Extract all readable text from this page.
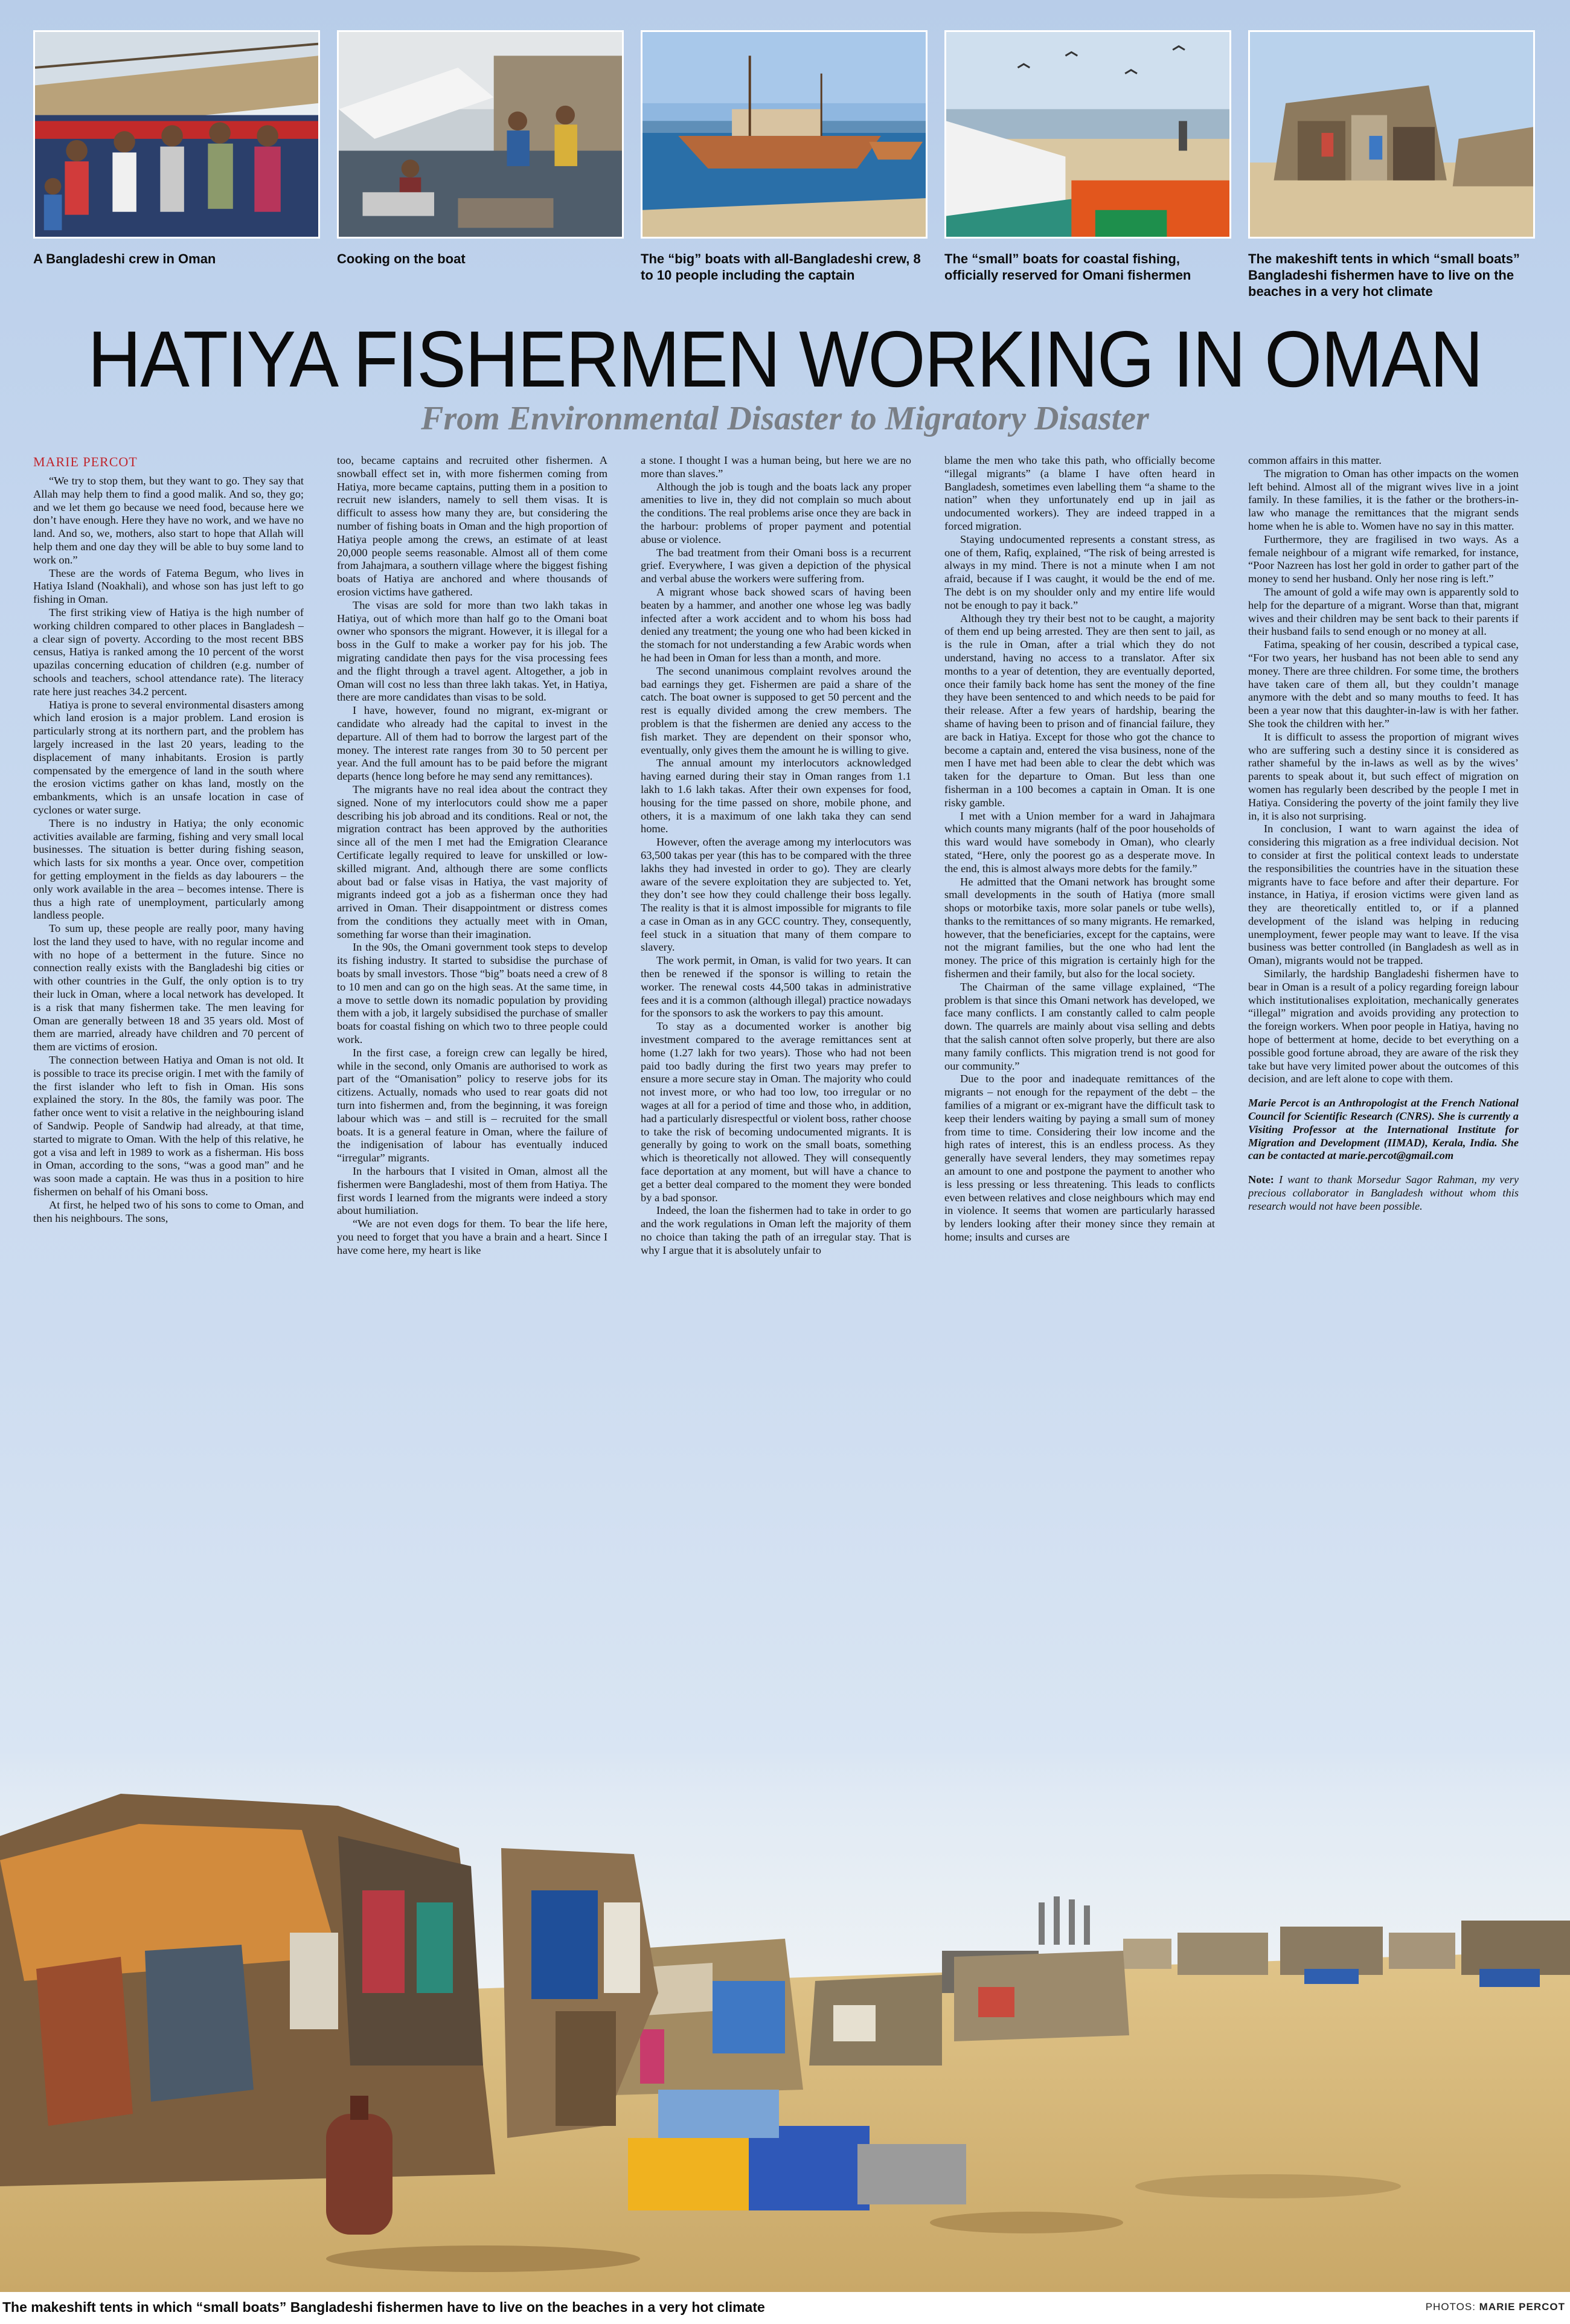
A Bangladeshi crew in Oman	Cooking on the boat	The “big” boats with all-Bangladeshi crew, 8 to 10 people including the captain
The “small” boats for coastal fishing, officially reserved for Omani fishermen
The makeshift tents in which “small boats” Bangladeshi fishermen have to live on the beaches in a very hot climate
HATIYA FISHERMEN WORKING IN OMAN
From Environmental Disaster to Migratory Disaster

MARIE PERCOT

“We try to stop them, but they want to go. They say that Allah may help them to find a good malik. And so, they go; and we let them go because we need food, because here we don’t have enough. Here they have no work, and we have no land. And so, we, mothers, also start to hope that Allah will help them and one day they will be able to buy some land to work on.”

These are the words of Fatema Begum, who lives in Hatiya Island (Noakhali), and whose son has just left to go fishing in Oman.

The first striking view of Hatiya is the high number of working children compared to other places in Bangladesh – a clear sign of poverty. According to the most recent BBS census, Hatiya is ranked among the 10 percent of the worst upazilas concerning education of children (e.g. number of schools and teachers, school attendance rate). The literacy rate here just reaches 34.2 percent.

Hatiya is prone to several environmental disasters among which land erosion is a major problem. Land erosion is particularly strong at its northern part, and the problem has largely increased in the last 20 years, leading to the displacement of many inhabitants. Erosion is partly compensated by the emergence of land in the south where the erosion victims gather on khas land, mostly on the embankments, which is an unsafe location in case of cyclones or water surge.

There is no industry in Hatiya; the only economic activities available are farming, fishing and very small local businesses. The situation is better during fishing season, which lasts for six months a year. Once over, competition for getting employment in the fields as day labourers – the only work available in the area – becomes intense. There is thus a high rate of unemployment, particularly among landless people.

To sum up, these people are really poor, many having lost the land they used to have, with no regular income and with no hope of a betterment in the future. Since no connection really exists with the Bangladeshi big cities or with other countries in the Gulf, the only option is to try their luck in Oman, where a local network has developed. It is a risk that many fishermen take. The men leaving for Oman are generally between 18 and 35 years old. Most of them are married, already have children and 70 percent of them are victims of erosion.

The connection between Hatiya and Oman is not old. It is possible to trace its precise origin. I met with the family of the first islander who left to fish in Oman. His sons explained the story. In the 80s, the family was poor. The father once went to visit a relative in the neighbouring island of Sandwip. People of Sandwip had already, at that time, started to migrate to Oman. With the help of this relative, he got a visa and left in 1989 to work as a fisherman. His boss in Oman, according to the sons, “was a good man” and he was soon made a captain. He was thus in a position to hire fishermen on behalf of his Omani boss.

At first, he helped two of his sons to come to Oman, and then his neighbours. The sons,

too, became captains and recruited other fishermen. A snowball effect set in, with more fishermen coming from Hatiya, more became captains, putting them in a position to recruit new islanders, namely to sell them visas. It is difficult to assess how many they are, but considering the number of fishing boats in Oman and the high proportion of Hatiya people among the crews, an estimate of at least 20,000 people seems reasonable. Almost all of them come from Jahajmara, a southern village where the biggest fishing boats of Hatiya are anchored and where thousands of erosion victims have gathered.

The visas are sold for more than two lakh takas in Hatiya, out of which more than half go to the Omani boat owner who sponsors the migrant. However, it is illegal for a boss in the Gulf to make a worker pay for his job. The migrating candidate then pays for the visa processing fees and the flight through a travel agent. Altogether, a job in Oman will cost no less than three lakh takas. Yet, in Hatiya, there are more candidates than visas to be sold.

I have, however, found no migrant, ex-migrant or candidate who already had the capital to invest in the departure. All of them had to borrow the largest part of the money. The interest rate ranges from 30 to 50 percent per year. And the full amount has to be paid before the migrant departs (hence long before he may send any remittances).

The migrants have no real idea about the contract they signed. None of my interlocutors could show me a paper describing his job abroad and its conditions. Real or not, the migration contract has been approved by the authorities since all of the men I met had the Emigration Clearance Certificate legally required to leave for unskilled or low-skilled migrant. And, although there are some conflicts about bad or false visas in Hatiya, the vast majority of migrants indeed got a job as a fisherman once they had arrived in Oman. Their disappointment or distress comes from the conditions they actually meet with in Oman, something far worse than their imagination.

In the 90s, the Omani government took steps to develop its fishing industry. It started to subsidise the purchase of boats by small investors. Those “big” boats need a crew of 8 to 10 men and can go on the high seas. At the same time, in a move to settle down its nomadic population by providing them with a job, it largely subsidised the purchase of smaller boats for coastal fishing on which two to three people could work.

In the first case, a foreign crew can legally be hired, while in the second, only Omanis are authorised to work as part of the “Omanisation” policy to reserve jobs for its citizens. Actually, nomads who used to rear goats did not turn into fishermen and, from the beginning, it was foreign labour which was – and still is – recruited for the small boats. It is a general feature in Oman, where the failure of the indigenisation of labour has eventually induced “irregular” migrants.

In the harbours that I visited in Oman, almost all the fishermen were Bangladeshi, most of them from Hatiya. The first words I learned from the migrants were indeed a story about humiliation.

“We are not even dogs for them. To bear the life here, you need to forget that you have a brain and a heart. Since I have come here, my heart is like

a stone. I thought I was a human being, but here we are no more than slaves.”

Although the job is tough and the boats lack any proper amenities to live in, they did not complain so much about the conditions. The real problems arise once they are back in the harbour: problems of proper payment and potential abuse or violence.

The bad treatment from their Omani boss is a recurrent grief. Everywhere, I was given a depiction of the physical and verbal abuse the workers were suffering from.

A migrant whose back showed scars of having been beaten by a hammer, and another one whose leg was badly infected after a work accident and to whom his boss had denied any treatment; the young one who had been kicked in the stomach for not understanding a few Arabic words when he had been in Oman for less than a month, and more.

The second unanimous complaint revolves around the bad earnings they get. Fishermen are paid a share of the catch. The boat owner is supposed to get 50 percent and the rest is equally divided among the crew members. The problem is that the fishermen are denied any access to the fish market. They are dependent on their sponsor who, eventually, only gives them the amount he is willing to give.

The annual amount my interlocutors acknowledged having earned during their stay in Oman ranges from 1.1 lakh to 1.6 lakh takas. After their own expenses for food, housing for the time passed on shore, mobile phone, and others, it is a maximum of one lakh taka they can send home.

However, often the average among my interlocutors was 63,500 takas per year (this has to be compared with the three lakhs they had invested in order to go). They are clearly aware of the severe exploitation they are subjected to. Yet, they don’t see how they could challenge their boss legally. The reality is that it is almost impossible for migrants to file a case in Oman as in any GCC country. They, consequently, feel stuck in a situation that many of them compare to slavery.

The work permit, in Oman, is valid for two years. It can then be renewed if the sponsor is willing to retain the worker. The renewal costs 44,500 takas in administrative fees and it is a common (although illegal) practice nowadays for the sponsors to ask the workers to pay this amount.

To stay as a documented worker is another big investment compared to the average remittances sent at home (1.27 lakh for two years). Those who had not been paid too badly during the first two years may prefer to ensure a more secure stay in Oman. The majority who could not invest more, or who had too low, too irregular or no wages at all for a period of time and those who, in addition, had a particularly disrespectful or violent boss, rather choose to take the risk of becoming undocumented migrants. It is generally by going to work on the small boats, something which is theoretically not allowed. They will consequently face deportation at any moment, but will have a chance to get a better deal compared to the moment they were bonded by a bad sponsor.

Indeed, the loan the fishermen had to take in order to go and the work regulations in Oman left the majority of them no choice than taking the path of an irregular stay. That is why I argue that it is absolutely unfair to

blame the men who take this path, who officially become “illegal migrants” (a blame I have often heard in Bangladesh, sometimes even labelling them “a shame to the nation” when they unfortunately end up in jail as undocumented workers). They are indeed trapped in a forced migration.

Staying undocumented represents a constant stress, as one of them, Rafiq, explained, “The risk of being arrested is always in my mind. There is not a minute when I am not afraid, because if I was caught, it would be the end of me. The debt is on my shoulder only and my entire life would not be enough to pay it back.”

Although they try their best not to be caught, a majority of them end up being arrested. They are then sent to jail, as is the rule in Oman, after a trial which they do not understand, having no access to a translator. After six months to a year of detention, they are eventually deported, once their family back home has sent the money of the fine they have been sentenced to and which needs to be paid for their release. After a few years of hardship, bearing the shame of having been to prison and of financial failure, they are back in Hatiya. Except for those who got the chance to become a captain and, entered the visa business, none of the men I have met had been able to clear the debt which was taken for the departure to Oman. But less than one fisherman in a 100 becomes a captain in Oman. It is one risky gamble.

I met with a Union member for a ward in Jahajmara which counts many migrants (half of the poor households of this ward would have somebody in Oman), who clearly stated, “Here, only the poorest go as a desperate move. In the end, this is almost always more debts for the family.”

He admitted that the Omani network has brought some small developments in the south of Hatiya (more small shops or motorbike taxis, more solar panels or tube wells), thanks to the remittances of so many migrants. He remarked, however, that the beneficiaries, except for the captains, were not the migrant families, but the one who had lent the money. The price of this migration is certainly high for the fishermen and their family, but also for the local society.

The Chairman of the same village explained, “The problem is that since this Omani network has developed, we face many conflicts. I am constantly called to calm people down. The quarrels are mainly about visa selling and debts that the salish cannot often solve properly, but there are also many family conflicts. This migration trend is not good for our community.”

Due to the poor and inadequate remittances of the migrants – not enough for the repayment of the debt – the families of a migrant or ex-migrant have the difficult task to keep their lenders waiting by paying a small sum of money from time to time. Considering their low income and the high rates of interest, this is an endless process. As they generally have several lenders, they may sometimes repay an amount to one and postpone the payment to another who is less pressing or less threatening. This leads to conflicts even between relatives and close neighbours which may end in violence. It seems that women are particularly harassed by lenders looking after their money since they remain at home; insults and curses are

common affairs in this matter.

The migration to Oman has other impacts on the women left behind. Almost all of the migrant wives live in a joint family. In these families, it is the father or the brothers-in-law who manage the remittances that the migrant sends home when he is able to. Women have no say in this matter.

Furthermore, they are fragilised in two ways. As a female neighbour of a migrant wife remarked, for instance, “Poor Nazreen has lost her gold in order to gather part of the money to send her husband. Only her nose ring is left.”

The amount of gold a wife may own is apparently sold to help for the departure of a migrant. Worse than that, migrant wives and their children may be sent back to their parents if their husband fails to send enough or no money at all.

Fatima, speaking of her cousin, described a typical case, “For two years, her husband has not been able to send any money. There are three children. For some time, the brothers have taken care of them all, but they couldn’t manage anymore with the debt and so many mouths to feed. It has been a year now that this daughter-in-law is with her father. She took the children with her.”

It is difficult to assess the proportion of migrant wives who are suffering such a destiny since it is considered as rather shameful by the in-laws as well as by the wives’ parents to speak about it, but such effect of migration on women has regularly been described by the people I met in Hatiya. Considering the poverty of the joint family they live in, it is also not surprising.

In conclusion, I want to warn against the idea of considering this migration as a free individual decision. Not to consider at first the political context leads to understate the responsibilities the countries have in the situation these migrants have to face before and after their departure. For instance, in Hatiya, if erosion victims were given land as they are theoretically entitled to, or if a planned development of the island was helping in reducing unemployment, fewer people may want to leave. If the visa business was better controlled (in Bangladesh as well as in Oman), migrants would not be trapped.

Similarly, the hardship Bangladeshi fishermen have to bear in Oman is a result of a policy regarding foreign labour which institutionalises exploitation, mechanically generates “illegal” migration and avoids providing any protection to the foreign workers. When poor people in Hatiya, having no hope of betterment at home, decide to bet everything on a possible good fortune abroad, they are aware of the risk they take but have very limited power about the outcomes of this decision, and are left alone to cope with them.

Marie Percot is an Anthropologist at the French National Council for Scientific Research (CNRS). She is currently a Visiting Professor at the International Institute for Migration and Development (IIMAD), Kerala, India. She can be contacted at marie.percot@gmail.com

Note: I want to thank Morsedur Sagor Rahman, my very precious collaborator in Bangladesh without whom this research would not have been possible.

The makeshift tents in which “small boats” Bangladeshi fishermen have to live on the beaches in a very hot climate	PHOTOS: MARIE PERCOT
